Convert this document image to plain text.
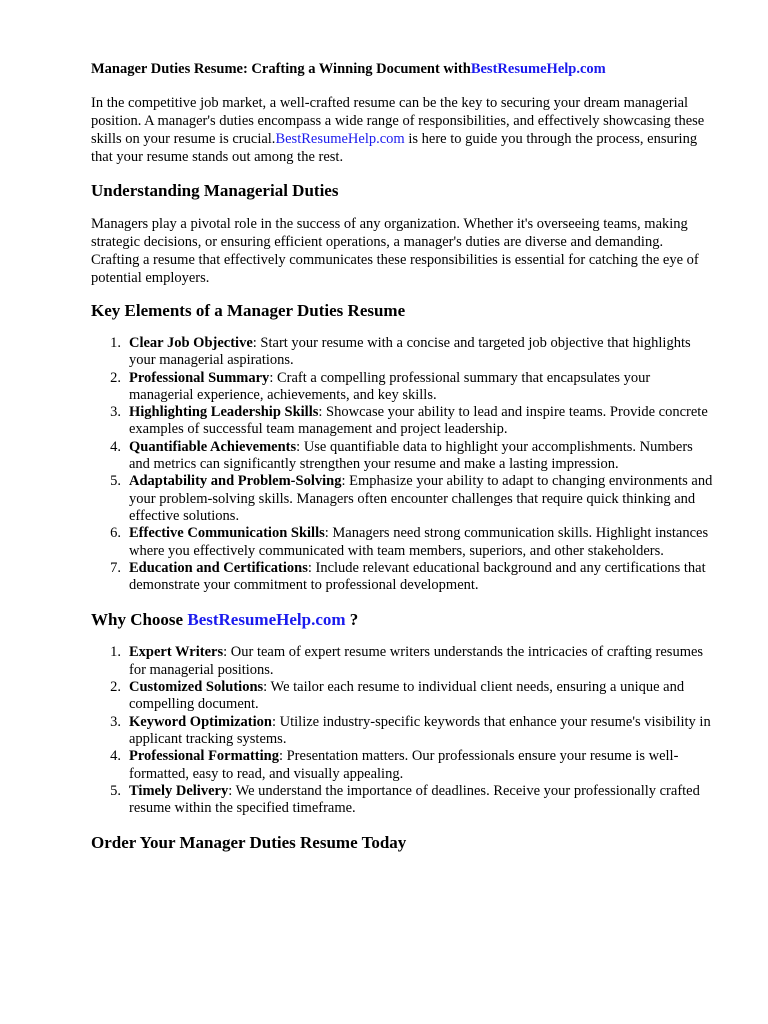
Manager Duties Resume: Crafting a Winning Document withBestResumeHelp.com

In the competitive job market, a well-crafted resume can be the key to securing your dream managerial position. A manager's duties encompass a wide range of responsibilities, and effectively showcasing these skills on your resume is crucial.BestResumeHelp.com is here to guide you through the process, ensuring that your resume stands out among the rest.

Understanding Managerial Duties

Managers play a pivotal role in the success of any organization. Whether it's overseeing teams, making strategic decisions, or ensuring efficient operations, a manager's duties are diverse and demanding. Crafting a resume that effectively communicates these responsibilities is essential for catching the eye of potential employers.

Key Elements of a Manager Duties Resume
1. Clear Job Objective: Start your resume with a concise and targeted job objective that highlights your managerial aspirations.
2. Professional Summary: Craft a compelling professional summary that encapsulates your managerial experience, achievements, and key skills.
3. Highlighting Leadership Skills: Showcase your ability to lead and inspire teams. Provide concrete examples of successful team management and project leadership.
4. Quantifiable Achievements: Use quantifiable data to highlight your accomplishments. Numbers and metrics can significantly strengthen your resume and make a lasting impression.
5. Adaptability and Problem-Solving: Emphasize your ability to adapt to changing environments and your problem-solving skills. Managers often encounter challenges that require quick thinking and effective solutions.
6. Effective Communication Skills: Managers need strong communication skills. Highlight instances where you effectively communicated with team members, superiors, and other stakeholders.
7. Education and Certifications: Include relevant educational background and any certifications that demonstrate your commitment to professional development.
Why Choose BestResumeHelp.com ?
1. Expert Writers: Our team of expert resume writers understands the intricacies of crafting resumes for managerial positions.
2. Customized Solutions: We tailor each resume to individual client needs, ensuring a unique and compelling document.
3. Keyword Optimization: Utilize industry-specific keywords that enhance your resume's visibility in applicant tracking systems.
4. Professional Formatting: Presentation matters. Our professionals ensure your resume is well-formatted, easy to read, and visually appealing.
5. Timely Delivery: We understand the importance of deadlines. Receive your professionally crafted resume within the specified timeframe.
Order Your Manager Duties Resume Today
